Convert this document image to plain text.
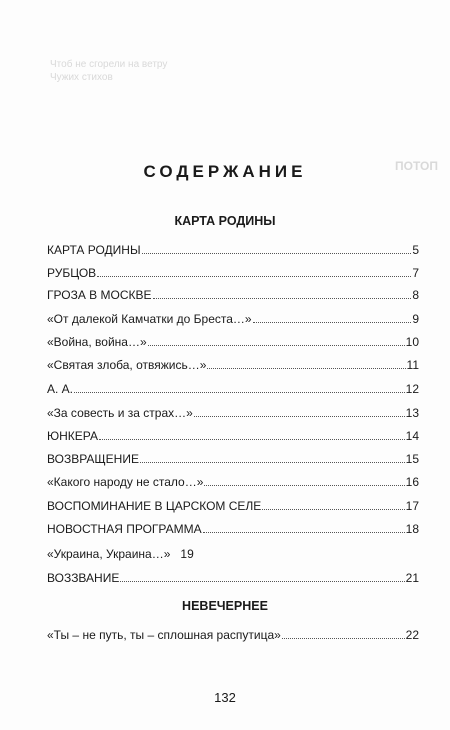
Чтоб не сгорели на ветру
Чужих стихов
ПОТОП
СОДЕРЖАНИЕ
КАРТА РОДИНЫ
КАРТА РОДИНЫ	5
РУБЦОВ	7
ГРОЗА В МОСКВЕ	8
«От далекой Камчатки до Бреста…»	9
«Война, война…»	10
«Святая злоба, отвяжись…»	11
А. А.	12
«За совесть и за страх…»	13
ЮНКЕРА	14
ВОЗВРАЩЕНИЕ	15
«Какого народу не стало…»	16
ВОСПОМИНАНИЕ В ЦАРСКОМ СЕЛЕ	17
НОВОСТНАЯ ПРОГРАММА	18
«Украина, Украина…» 19
ВОЗЗВАНИЕ	21
НЕВЕЧЕРНЕЕ
«Ты – не путь, ты – сплошная распутица»	22
132
